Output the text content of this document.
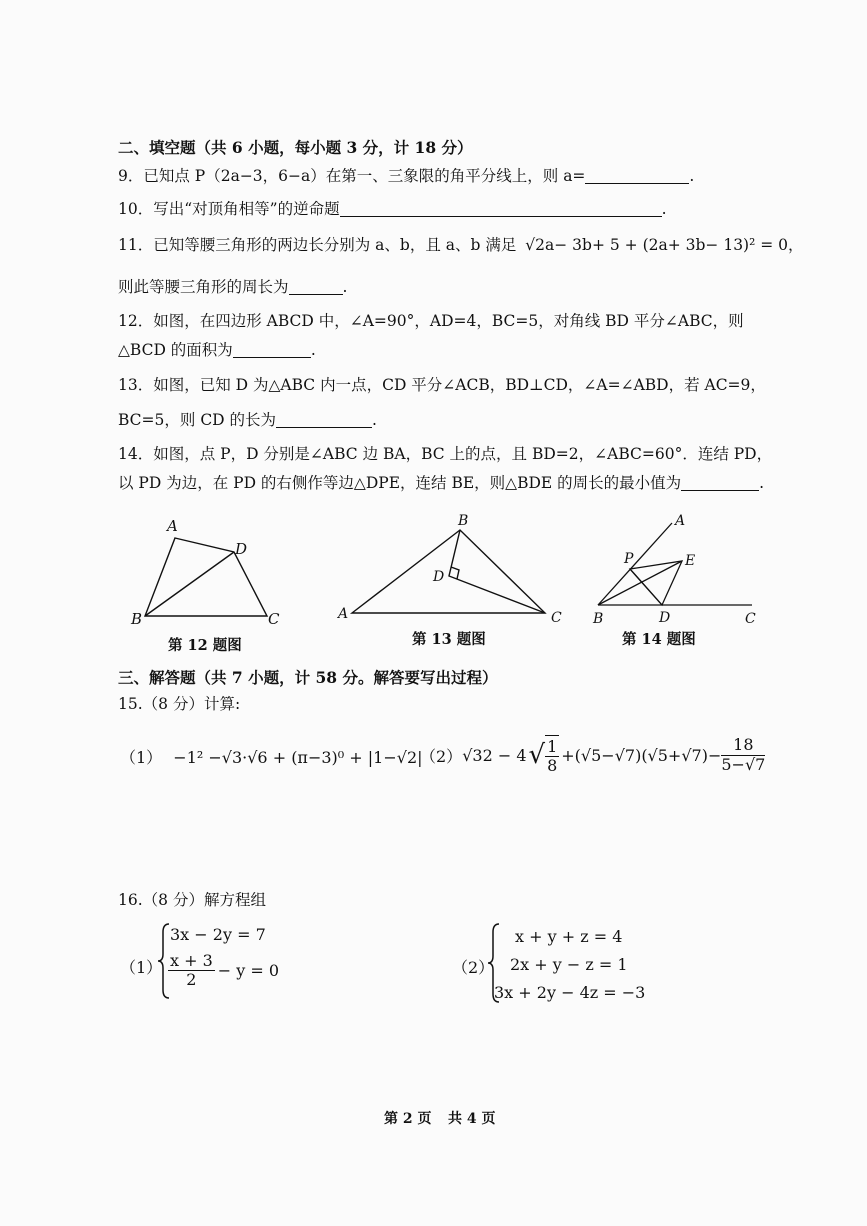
二、填空题（共 6 小题，每小题 3 分，计 18 分）
9．已知点 P（2a−3，6−a）在第一、三象限的角平分线上，则 a=	.
10．写出“对顶角相等”的逆命题	.
11．已知等腰三角形的两边长分别为 a、b，且 a、b 满足 √2a− 3b+ 5 + (2a+ 3b− 13)² = 0，
则此等腰三角形的周长为	.
12．如图，在四边形 ABCD 中，∠A=90°，AD=4，BC=5，对角线 BD 平分∠ABC，则
△BCD 的面积为	.
13．如图，已知 D 为△ABC 内一点，CD 平分∠ACB，BD⊥CD，∠A=∠ABD，若 AC=9，
BC=5，则 CD 的长为	.
14．如图，点 P，D 分别是∠ABC 边 BA，BC 上的点，且 BD=2，∠ABC=60°．连结 PD，
以 PD 为边，在 PD 的右侧作等边△DPE，连结 BE，则△BDE 的周长的最小值为	.
A
D
B	C
B
D
A	C
A
P	E
B	D	C
第 12 题图	第 13 题图	第 14 题图
三、解答题（共 7 小题，计 58 分。解答要写出过程）
15.（8 分）计算:
（1） −1² −√3·√6 + (π−3)⁰ + |1−√2|
（2） √32 − 4 √ $\frac{1}{8} +(√5-√7)(√5+√7)- \frac{18}{5-√7}$
16.（8 分）解方程组
（1）
3x − 2y = 7
$\frac{x + 3}{2} - y = 0$	（2）
x + y + z = 4
2x + y − z = 1
3x + 2y − 4z = −3
第 2 页 共 4 页
